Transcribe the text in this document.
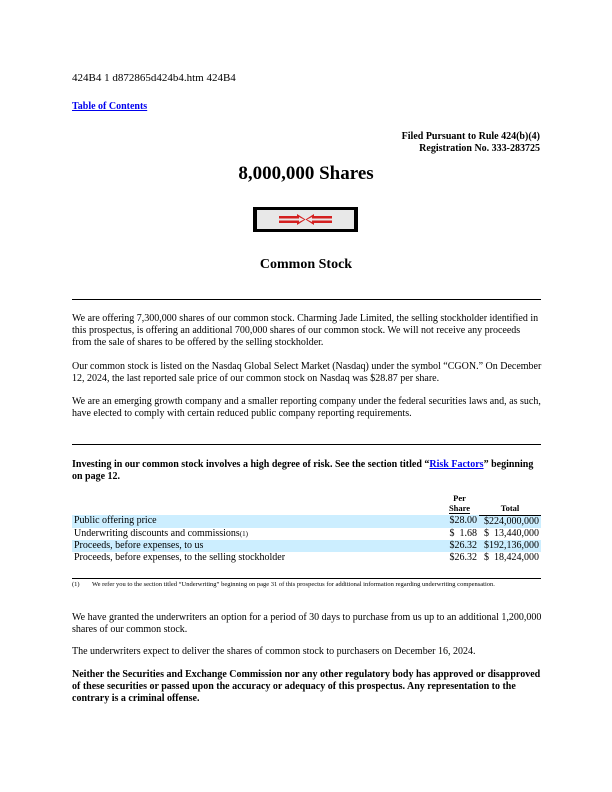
424B4 1 d872865d424b4.htm 424B4
Table of Contents
Filed Pursuant to Rule 424(b)(4)
Registration No. 333-283725
8,000,000 Shares
Common Stock
We are offering 7,300,000 shares of our common stock. Charming Jade Limited, the selling stockholder identified in this prospectus, is offering an additional 700,000 shares of our common stock. We will not receive any proceeds from the sale of shares to be offered by the selling stockholder.
Our common stock is listed on the Nasdaq Global Select Market (Nasdaq) under the symbol “CGON.” On December 12, 2024, the last reported sale price of our common stock on Nasdaq was $28.87 per share.
We are an emerging growth company and a smaller reporting company under the federal securities laws and, as such, have elected to comply with certain reduced public company reporting requirements.
Investing in our common stock involves a high degree of risk. See the section titled “Risk Factors” beginning on page 12.
	Per
Share	Total
Public offering price	$28.00	$224,000,000
Underwriting discounts and commissions(1)	$  1.68	$  13,440,000
Proceeds, before expenses, to us	$26.32	$192,136,000
Proceeds, before expenses, to the selling stockholder	$26.32	$  18,424,000
(1) We refer you to the section titled “Underwriting” beginning on page 31 of this prospectus for additional information regarding underwriting compensation.
We have granted the underwriters an option for a period of 30 days to purchase from us up to an additional 1,200,000 shares of our common stock.
The underwriters expect to deliver the shares of common stock to purchasers on December 16, 2024.
Neither the Securities and Exchange Commission nor any other regulatory body has approved or disapproved of these securities or passed upon the accuracy or adequacy of this prospectus. Any representation to the contrary is a criminal offense.
